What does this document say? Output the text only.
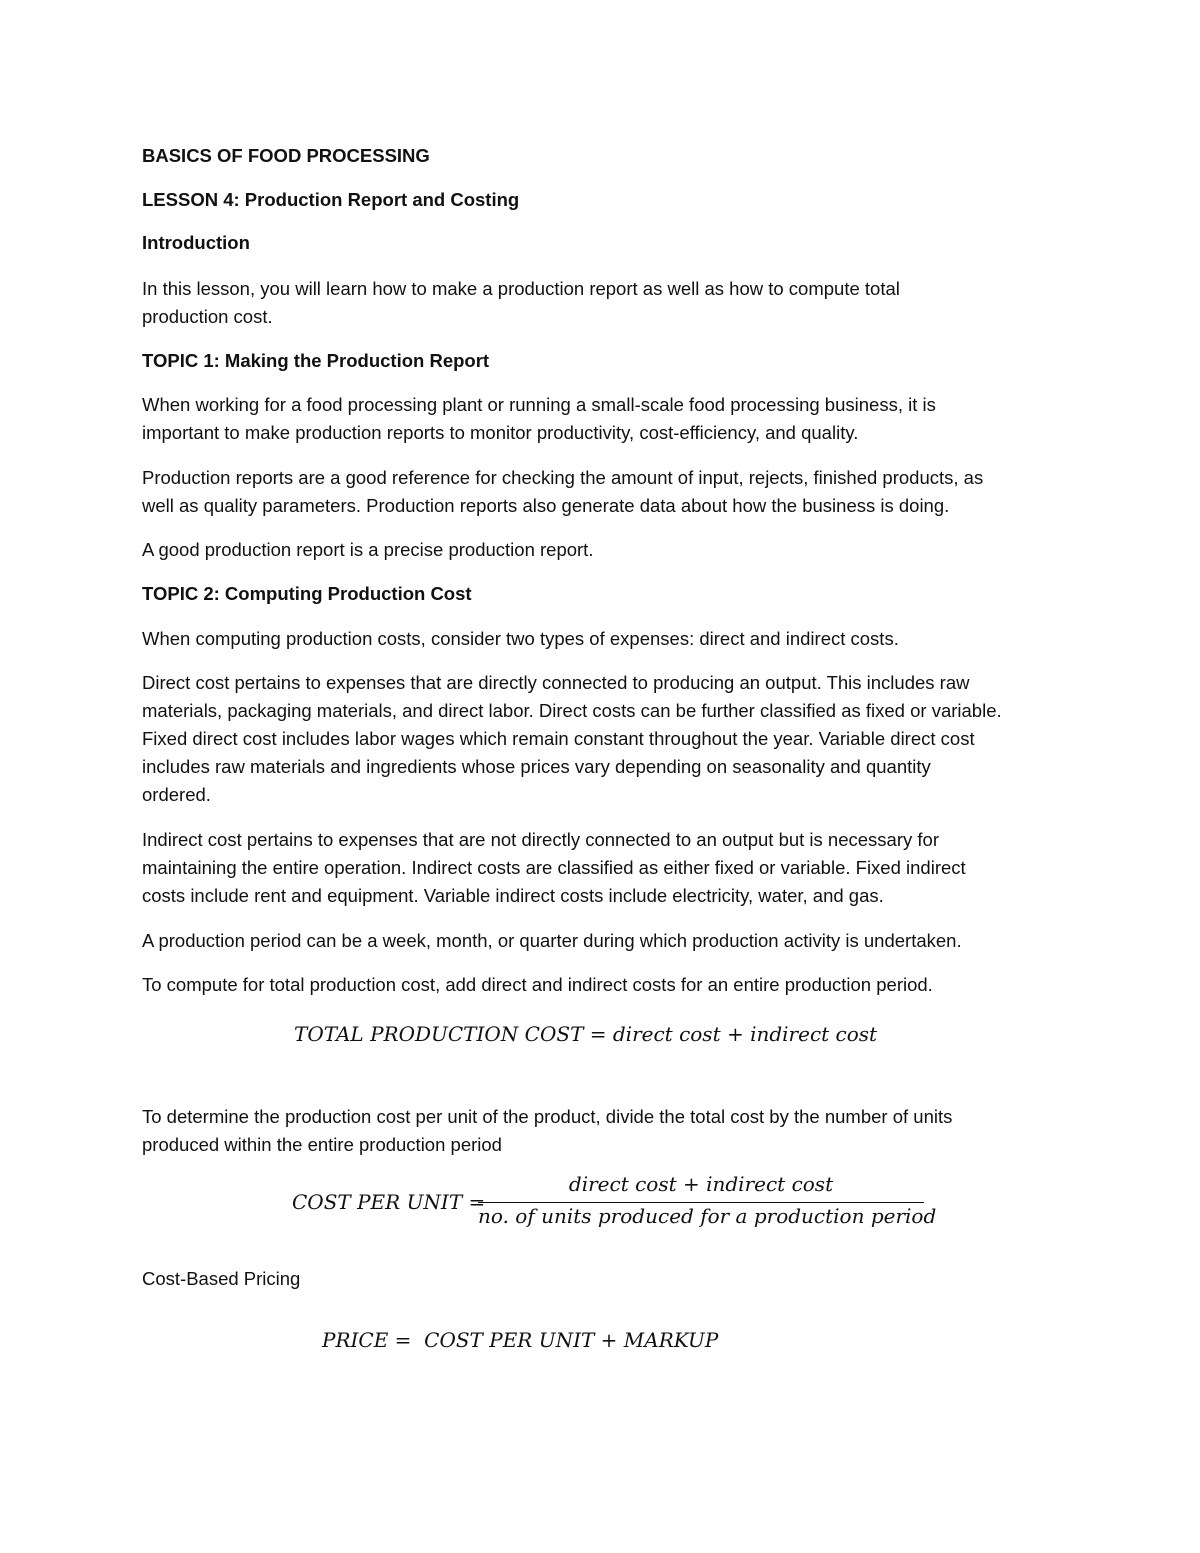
BASICS OF FOOD PROCESSING
LESSON 4: Production Report and Costing
Introduction
In this lesson, you will learn how to make a production report as well as how to compute total
production cost.
TOPIC 1: Making the Production Report
When working for a food processing plant or running a small-scale food processing business, it is
important to make production reports to monitor productivity, cost-efficiency, and quality.
Production reports are a good reference for checking the amount of input, rejects, finished products, as
well as quality parameters. Production reports also generate data about how the business is doing.
A good production report is a precise production report.
TOPIC 2: Computing Production Cost
When computing production costs, consider two types of expenses: direct and indirect costs.
Direct cost pertains to expenses that are directly connected to producing an output. This includes raw
materials, packaging materials, and direct labor. Direct costs can be further classified as fixed or variable.
Fixed direct cost includes labor wages which remain constant throughout the year. Variable direct cost
includes raw materials and ingredients whose prices vary depending on seasonality and quantity
ordered.
Indirect cost pertains to expenses that are not directly connected to an output but is necessary for
maintaining the entire operation. Indirect costs are classified as either fixed or variable. Fixed indirect
costs include rent and equipment. Variable indirect costs include electricity, water, and gas.
A production period can be a week, month, or quarter during which production activity is undertaken.
To compute for total production cost, add direct and indirect costs for an entire production period.
TOTAL PRODUCTION COST = direct cost + indirect cost
To determine the production cost per unit of the product, divide the total cost by the number of units
produced within the entire production period
COST PER UNIT =
direct cost + indirect cost
no. of units produced for a production period
Cost-Based Pricing
PRICE =  COST PER UNIT + MARKUP
